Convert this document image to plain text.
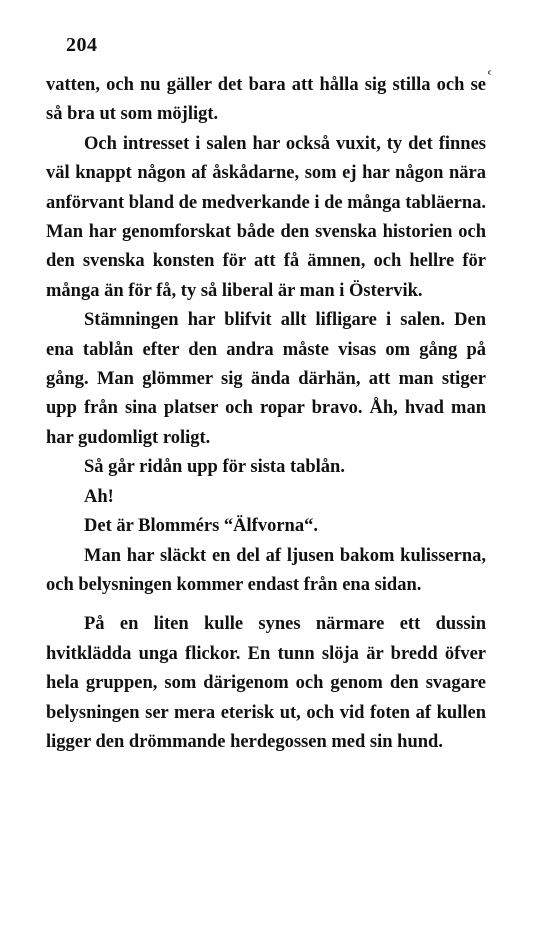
204
ᶜ

vatten, och nu gäller det bara att hålla sig stilla och se så bra ut som möjligt.

Och intresset i salen har också vuxit, ty det finnes väl knappt någon af åskådarne, som ej har någon nära anförvant bland de medverkande i de många tabläerna. Man har genomforskat både den svenska historien och den svenska konsten för att få ämnen, och hellre för många än för få, ty så liberal är man i Östervik.

Stämningen har blifvit allt lifligare i salen. Den ena tablån efter den andra måste visas om gång på gång. Man glömmer sig ända därhän, att man stiger upp från sina platser och ropar bravo. Åh, hvad man har gudomligt roligt.

Så går ridån upp för sista tablån.

Ah!

Det är Blommérs “Älfvorna“.

Man har släckt en del af ljusen bakom kulisserna, och belysningen kommer endast från ena sidan.

På en liten kulle synes närmare ett dussin hvitklädda unga flickor. En tunn slöja är bredd öfver hela gruppen, som därigenom och genom den svagare belysningen ser mera eterisk ut, och vid foten af kullen ligger den drömmande herdegossen med sin hund.
